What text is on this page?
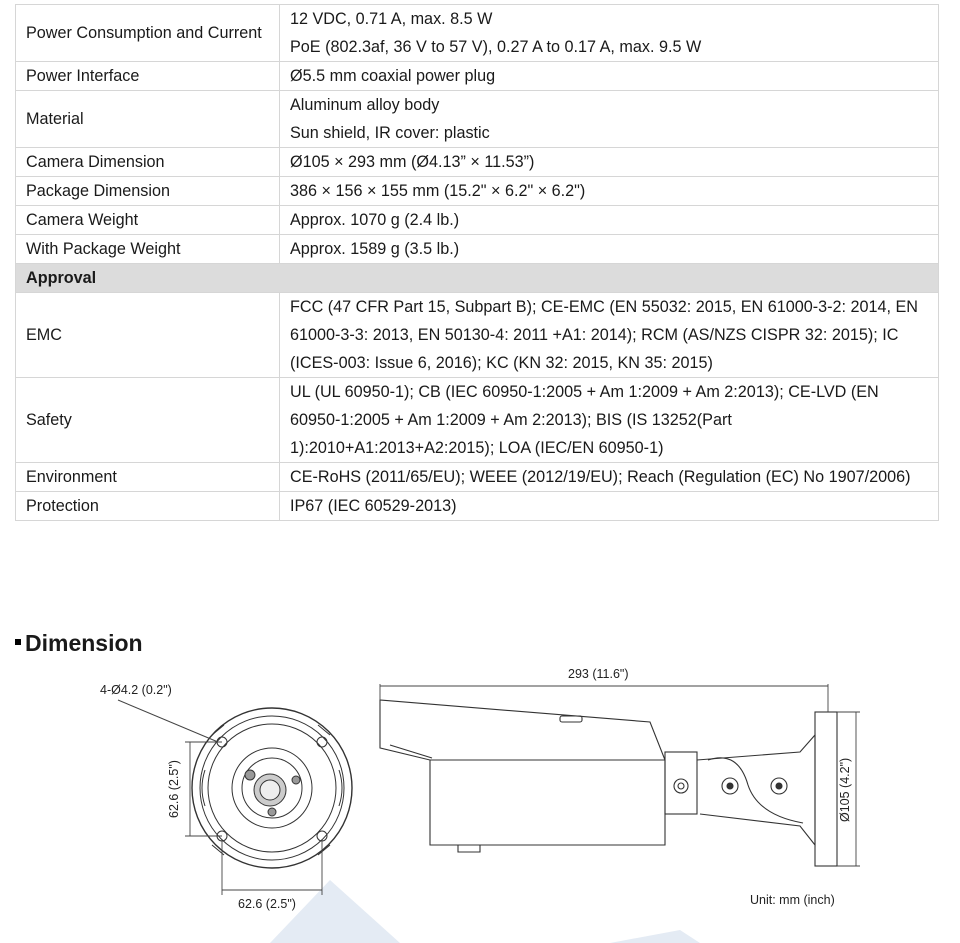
Power Consumption and Current	12 VDC, 0.71 A, max. 8.5 W
PoE (802.3af, 36 V to 57 V), 0.27 A to 0.17 A, max. 9.5 W

Power Interface	Ø5.5 mm coaxial power plug

Material	Aluminum alloy body
Sun shield, IR cover: plastic

Camera Dimension	Ø105 × 293 mm (Ø4.13” × 11.53”)

Package Dimension	386 × 156 × 155 mm (15.2" × 6.2" × 6.2")

Camera Weight	Approx. 1070 g (2.4 lb.)

With Package Weight	Approx. 1589 g (3.5 lb.)

Approval	

EMC	FCC (47 CFR Part 15, Subpart B); CE-EMC (EN 55032: 2015, EN 61000-3-2: 2014, EN
61000-3-3: 2013, EN 50130-4: 2011 +A1: 2014); RCM (AS/NZS CISPR 32: 2015); IC
(ICES-003: Issue 6, 2016); KC (KN 32: 2015, KN 35: 2015)

Safety	UL (UL 60950-1); CB (IEC 60950-1:2005 + Am 1:2009 + Am 2:2013); CE-LVD (EN
60950-1:2005 + Am 1:2009 + Am 2:2013); BIS (IS 13252(Part
1):2010+A1:2013+A2:2015); LOA (IEC/EN 60950-1)

Environment	CE-RoHS (2011/65/EU); WEEE (2012/19/EU); Reach (Regulation (EC) No 1907/2006)

Protection	IP67 (IEC 60529-2013)
Dimension
4-Ø4.2 (0.2")
62.6 (2.5")
62.6 (2.5")
293 (11.6")
Ø105 (4.2")
Unit: mm (inch)
